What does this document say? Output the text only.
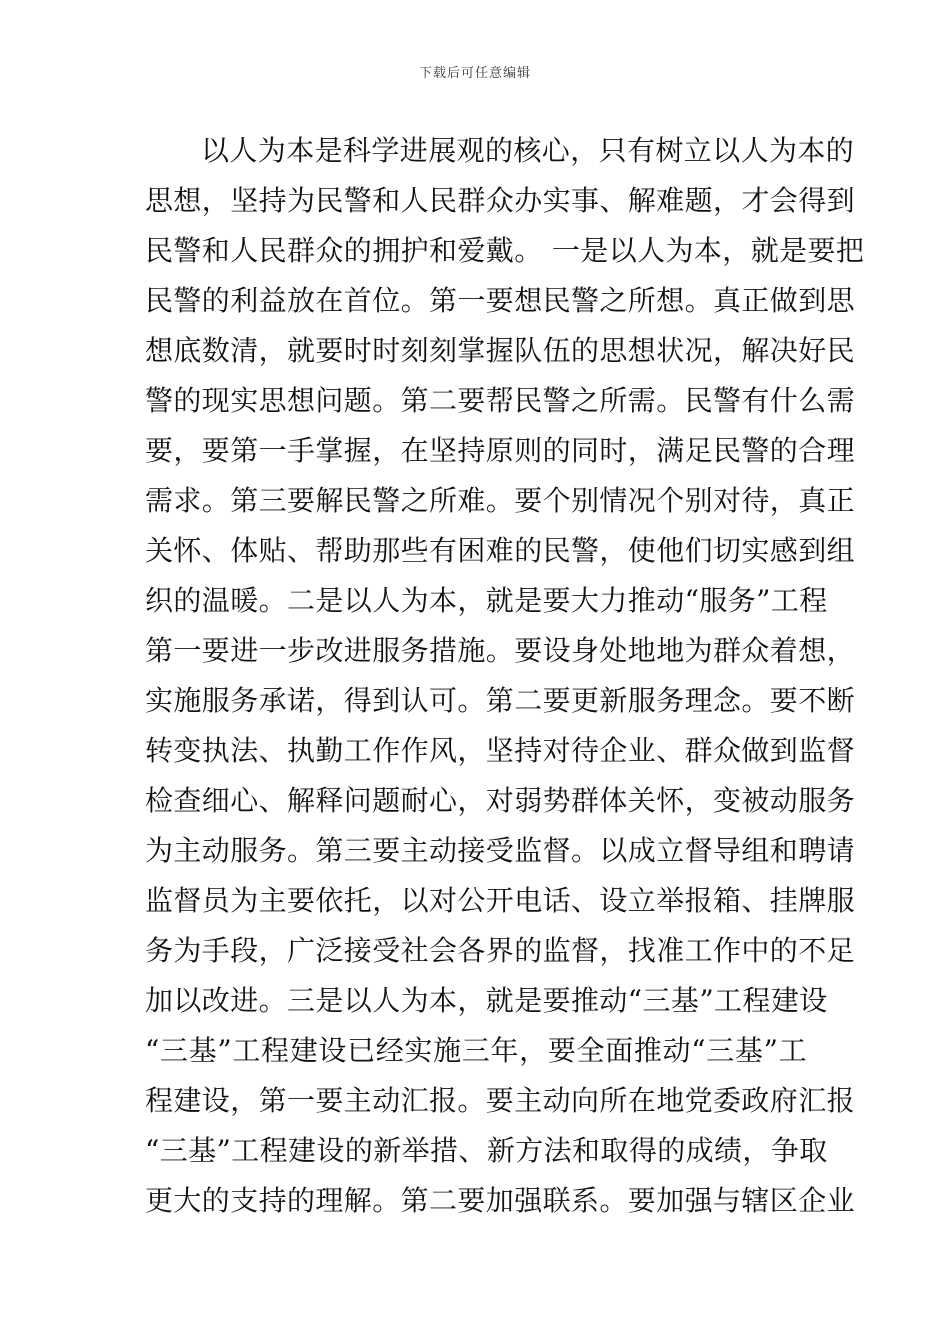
下载后可任意编辑
以人为本是科学进展观的核心，只有树立以人为本的
思想，坚持为民警和人民群众办实事、解难题，才会得到
民警和人民群众的拥护和爱戴。 一是以人为本，就是要把
民警的利益放在首位。第一要想民警之所想。真正做到思
想底数清，就要时时刻刻掌握队伍的思想状况，解决好民
警的现实思想问题。第二要帮民警之所需。民警有什么需
要，要第一手掌握，在坚持原则的同时，满足民警的合理
需求。第三要解民警之所难。要个别情况个别对待，真正
关怀、体贴、帮助那些有困难的民警，使他们切实感到组
织的温暖。二是以人为本，就是要大力推动“服务”工程
第一要进一步改进服务措施。要设身处地地为群众着想，
实施服务承诺，得到认可。第二要更新服务理念。要不断
转变执法、执勤工作作风，坚持对待企业、群众做到监督
检查细心、解释问题耐心，对弱势群体关怀，变被动服务
为主动服务。第三要主动接受监督。以成立督导组和聘请
监督员为主要依托，以对公开电话、设立举报箱、挂牌服
务为手段，广泛接受社会各界的监督，找准工作中的不足
加以改进。三是以人为本，就是要推动“三基”工程建设
“三基”工程建设已经实施三年，要全面推动“三基”工
程建设，第一要主动汇报。要主动向所在地党委政府汇报
“三基”工程建设的新举措、新方法和取得的成绩，争取
更大的支持的理解。第二要加强联系。要加强与辖区企业
